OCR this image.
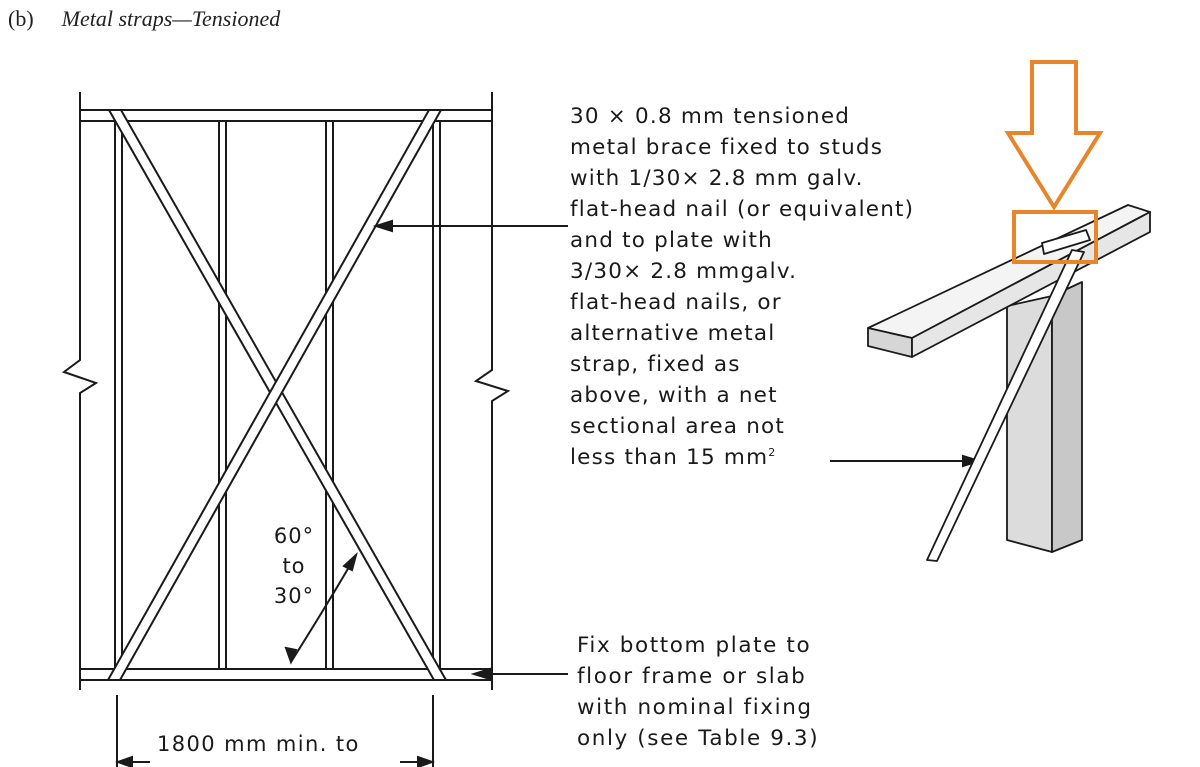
(b) Metal straps—Tensioned
30 × 0.8 mm tensioned
metal brace fixed to studs
with 1/30× 2.8 mm galv.
flat-head nail (or equivalent)
and to plate with
3/30× 2.8 mmgalv.
flat-head nails, or
alternative metal
strap, fixed as
above, with a net
sectional area not
less than 15 $mm^2$
Fix bottom plate to
floor frame or slab
with nominal fixing
only (see Table 9.3)
60°
to
30°
1800 mm min. to
